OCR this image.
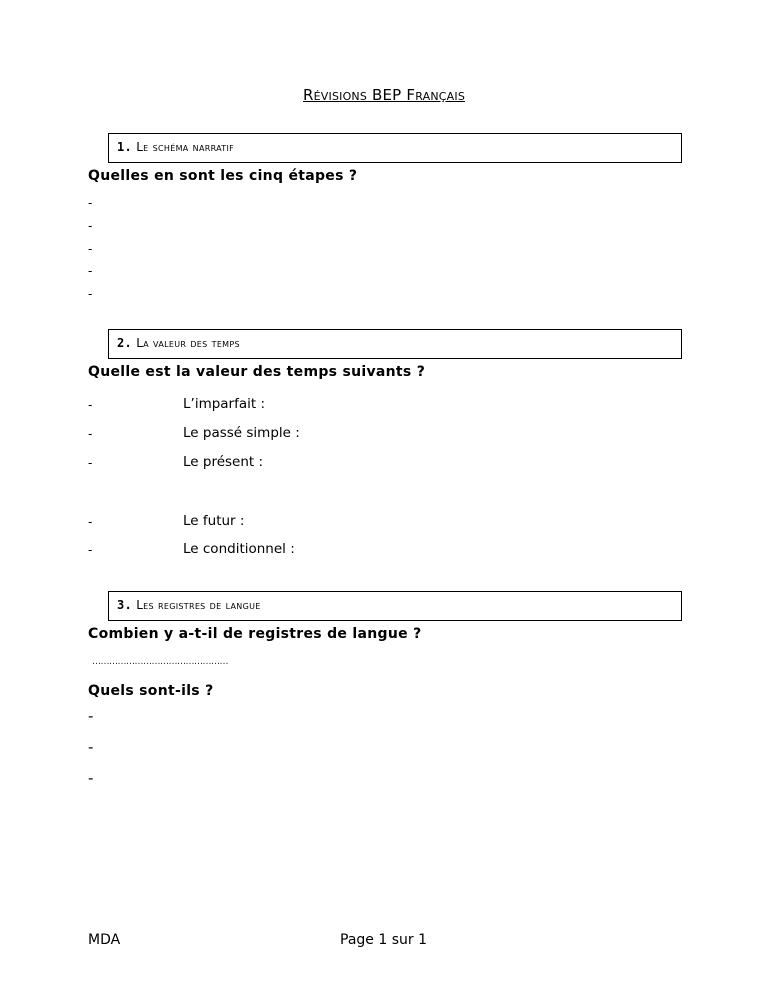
Révisions BEP Français
1. Le schéma narratif
Quelles en sont les cinq étapes ?
-
-
-
-
-
2. La valeur des temps
Quelle est la valeur des temps suivants ?
-	L’imparfait :
-	Le passé simple :
-	Le présent :
-	Le futur :
-	Le conditionnel :
3. Les registres de langue
Combien y a-t-il de registres de langue ?
…………………………………………
Quels sont-ils ?
-
-
-
MDA	Page 1 sur 1
